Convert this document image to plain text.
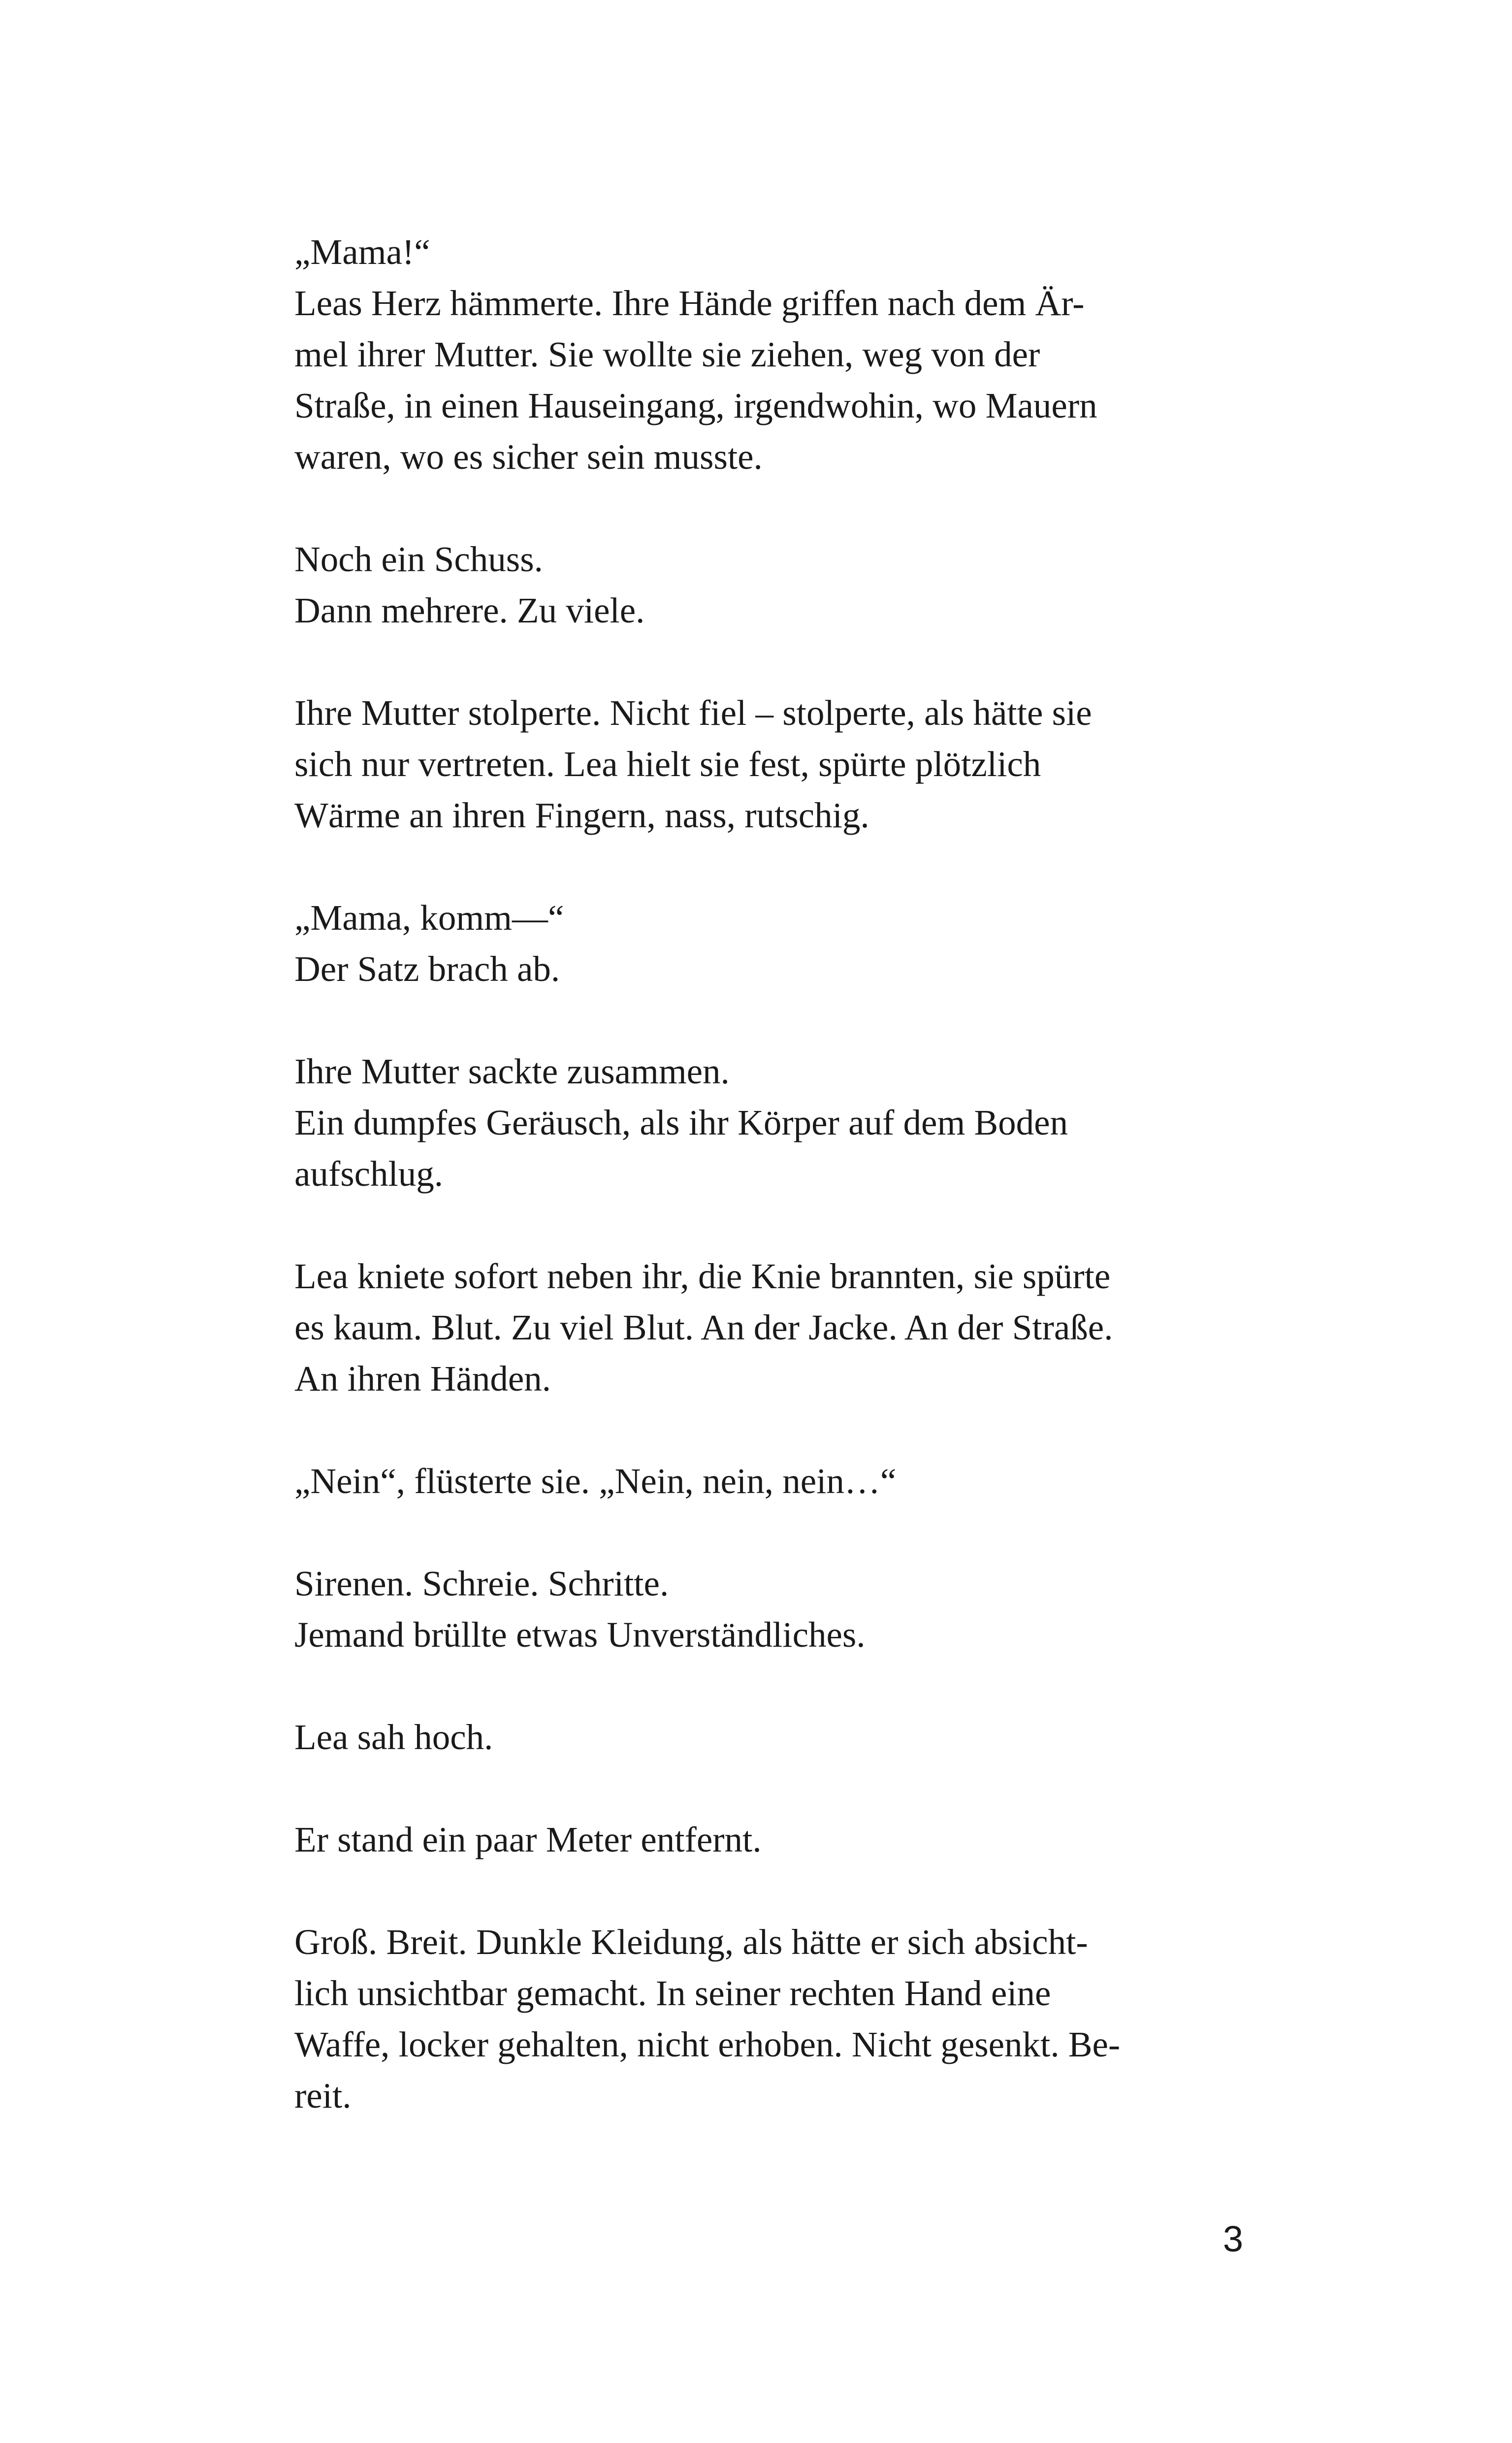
„Mama!“
Leas Herz hämmerte. Ihre Hände griffen nach dem Är-
mel ihrer Mutter. Sie wollte sie ziehen, weg von der
Straße, in einen Hauseingang, irgendwohin, wo Mauern
waren, wo es sicher sein musste.

Noch ein Schuss.
Dann mehrere. Zu viele.

Ihre Mutter stolperte. Nicht fiel – stolperte, als hätte sie
sich nur vertreten. Lea hielt sie fest, spürte plötzlich
Wärme an ihren Fingern, nass, rutschig.

„Mama, komm—“
Der Satz brach ab.

Ihre Mutter sackte zusammen.
Ein dumpfes Geräusch, als ihr Körper auf dem Boden
aufschlug.

Lea kniete sofort neben ihr, die Knie brannten, sie spürte
es kaum. Blut. Zu viel Blut. An der Jacke. An der Straße.
An ihren Händen.

„Nein“, flüsterte sie. „Nein, nein, nein…“

Sirenen. Schreie. Schritte.
Jemand brüllte etwas Unverständliches.

Lea sah hoch.

Er stand ein paar Meter entfernt.

Groß. Breit. Dunkle Kleidung, als hätte er sich absicht-
lich unsichtbar gemacht. In seiner rechten Hand eine
Waffe, locker gehalten, nicht erhoben. Nicht gesenkt. Be-
reit.

3
